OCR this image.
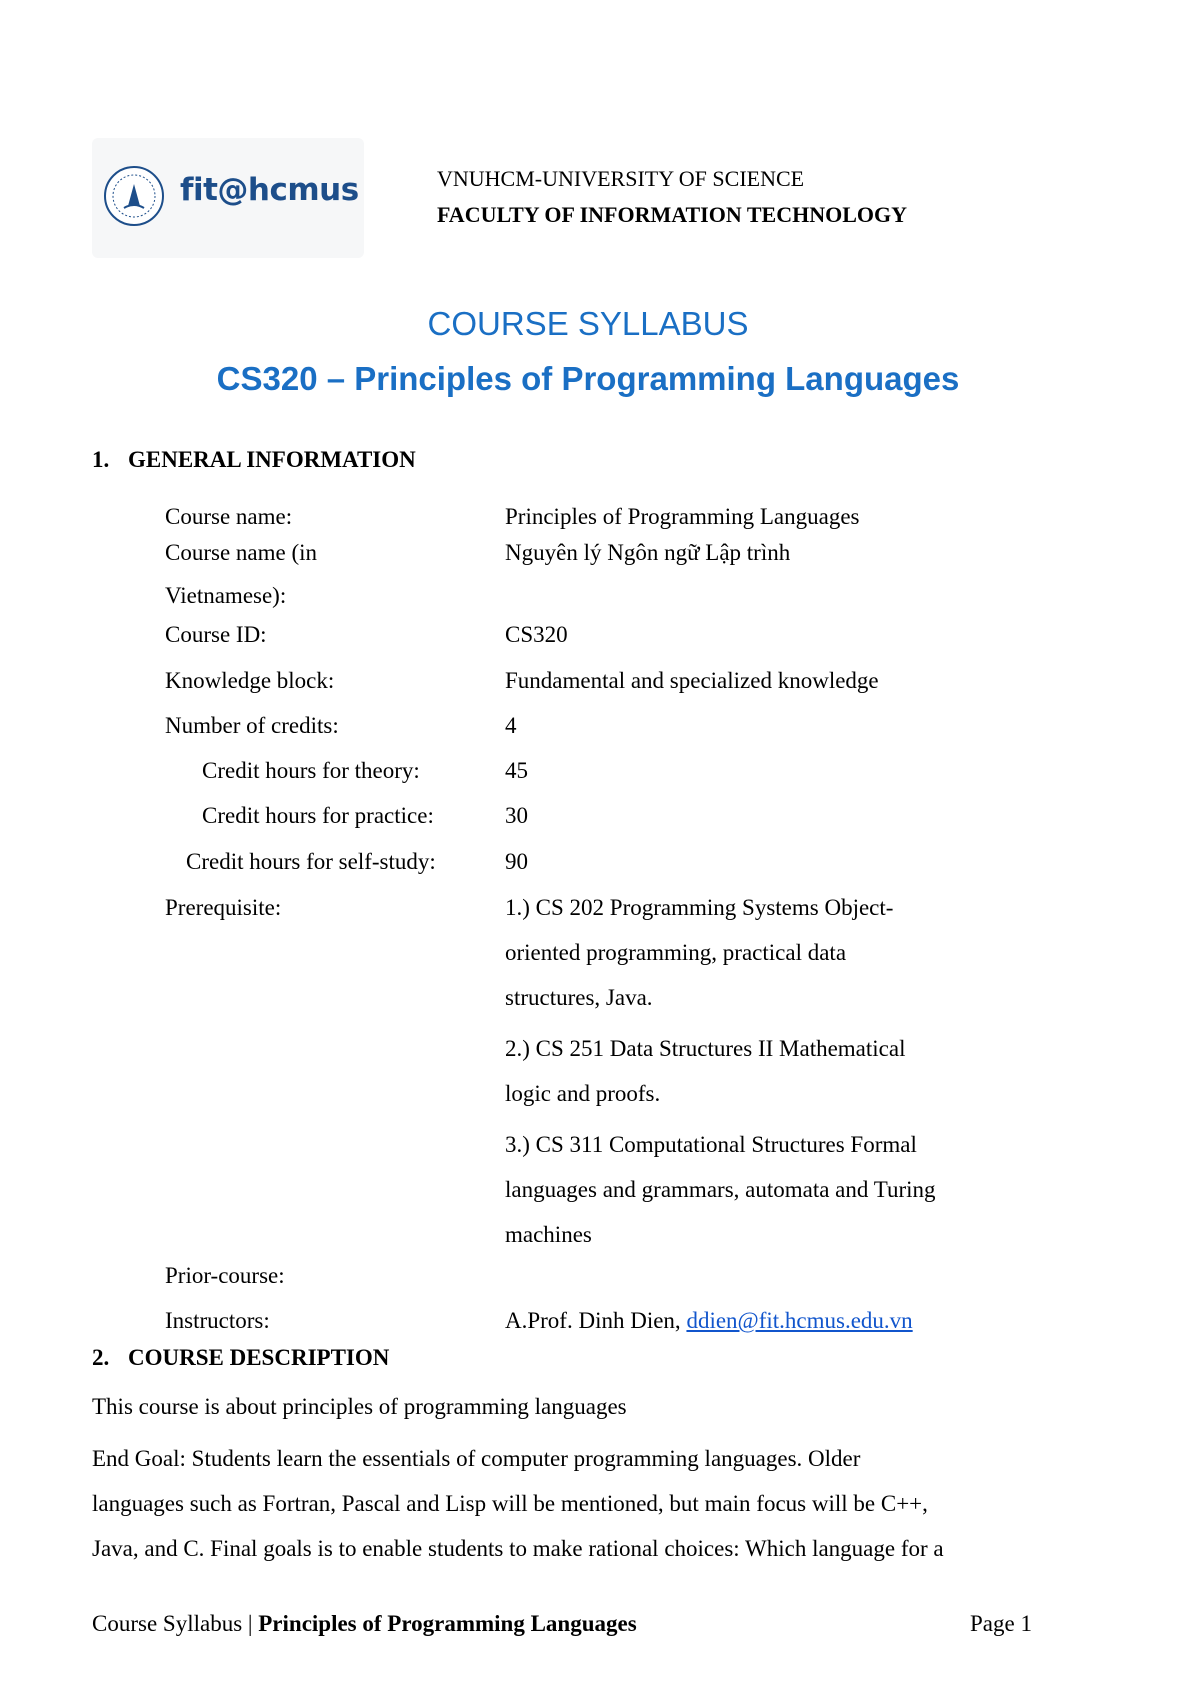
fit@hcmus	VNUHCM-UNIVERSITY OF SCIENCE
FACULTY OF INFORMATION TECHNOLOGY
COURSE SYLLABUS
CS320 – Principles of Programming Languages
1. GENERAL INFORMATION
Course name:	Principles of Programming Languages
Course name (in	Nguyên lý Ngôn ngữ Lập trình
Vietnamese):
Course ID:	CS320
Knowledge block:	Fundamental and specialized knowledge
Number of credits:	4
Credit hours for theory:	45
Credit hours for practice:	30
Credit hours for self-study:	90
Prerequisite:	1.) CS 202 Programming Systems Object-
oriented programming, practical data
structures, Java.
2.) CS 251 Data Structures II Mathematical
logic and proofs.
3.) CS 311 Computational Structures Formal
languages and grammars, automata and Turing
machines
Prior-course:
Instructors:	A.Prof. Dinh Dien, ddien@fit.hcmus.edu.vn
2. COURSE DESCRIPTION
This course is about principles of programming languages
End Goal: Students learn the essentials of computer programming languages. Older
languages such as Fortran, Pascal and Lisp will be mentioned, but main focus will be C++,
Java, and C. Final goals is to enable students to make rational choices: Which language for a
Course Syllabus | Principles of Programming Languages	Page 1
